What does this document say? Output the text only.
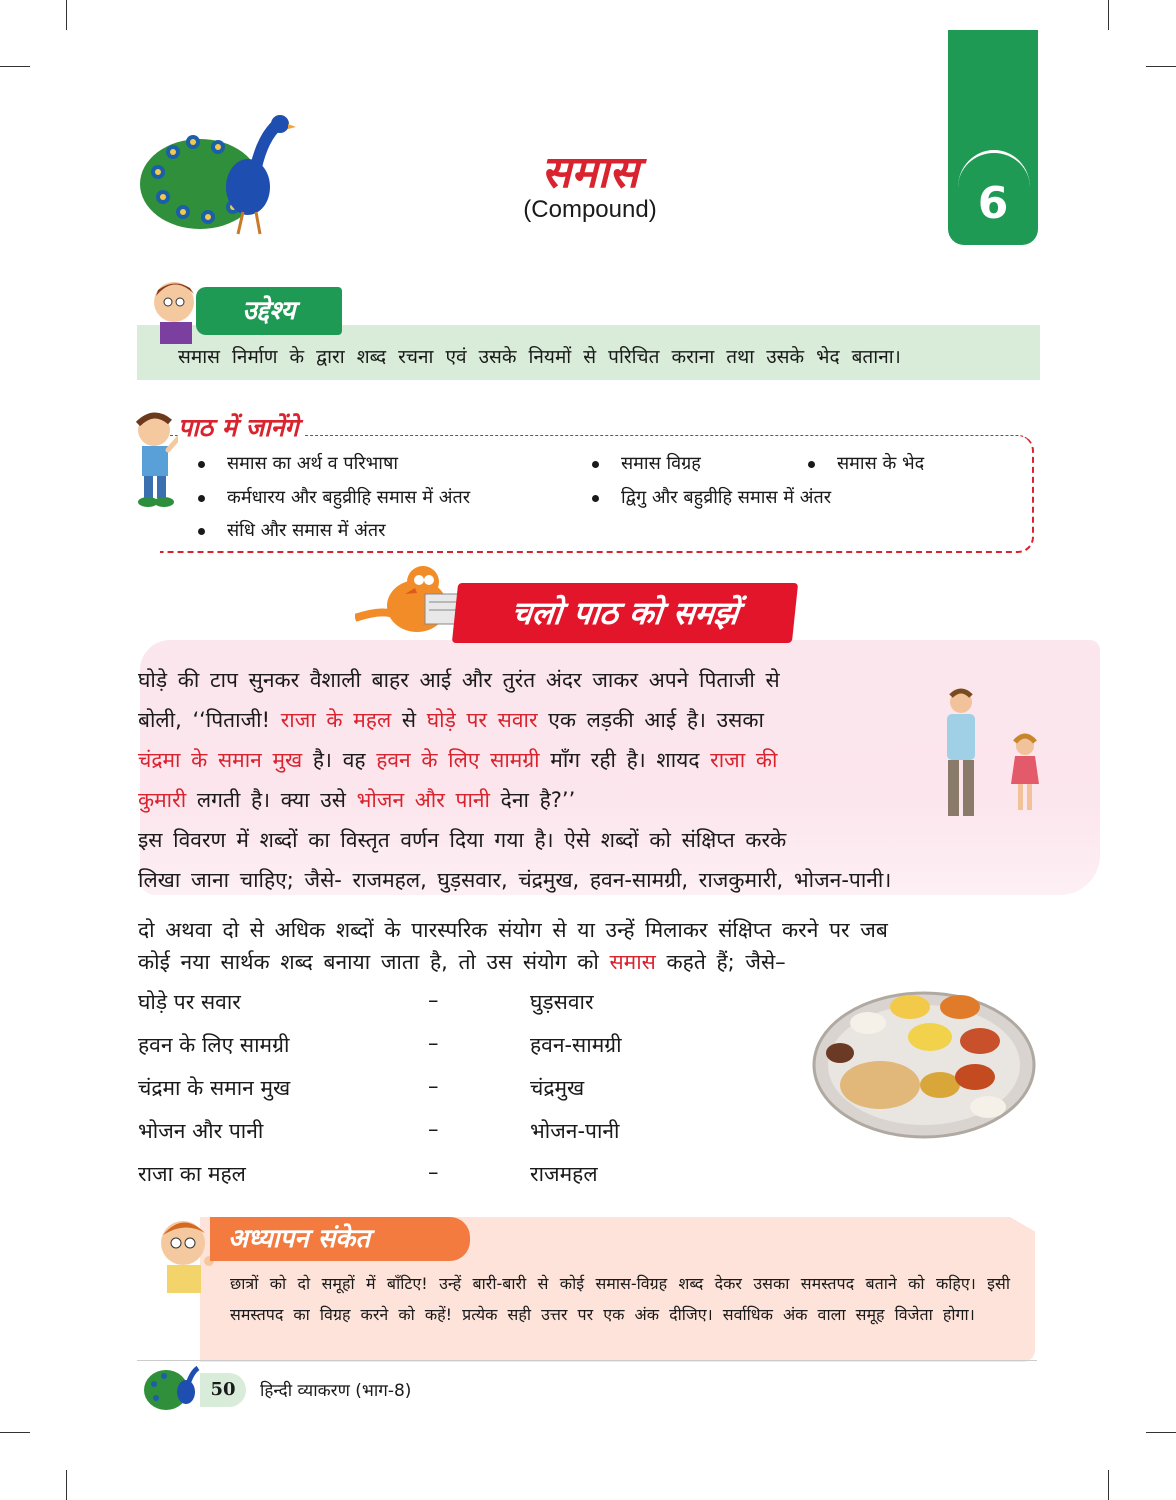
समास
(Compound)	6
उद्देश्य
समास निर्माण के द्वारा शब्द रचना एवं उसके नियमों से परिचित कराना तथा उसके भेद बताना।
पाठ में जानेंगे
समास का अर्थ व परिभाषा	समास विग्रह	समास के भेद
कर्मधारय और बहुव्रीहि समास में अंतर	द्विगु और बहुव्रीहि समास में अंतर
संधि और समास में अंतर
चलो पाठ को समझें
घोड़े की टाप सुनकर वैशाली बाहर आई और तुरंत अंदर जाकर अपने पिताजी से
बोली, ‘‘पिताजी! राजा के महल से घोड़े पर सवार एक लड़की आई है। उसका
चंद्रमा के समान मुख है। वह हवन के लिए सामग्री माँग रही है। शायद राजा की
कुमारी लगती है। क्या उसे भोजन और पानी देना है?’’
इस विवरण में शब्दों का विस्तृत वर्णन दिया गया है। ऐसे शब्दों को संक्षिप्त करके
लिखा जाना चाहिए; जैसे- राजमहल, घुड़सवार, चंद्रमुख, हवन-सामग्री, राजकुमारी, भोजन-पानी।
दो अथवा दो से अधिक शब्दों के पारस्परिक संयोग से या उन्हें मिलाकर संक्षिप्त करने पर जब
कोई नया सार्थक शब्द बनाया जाता है, तो उस संयोग को समास कहते हैं; जैसे–
घोड़े पर सवार	–	घुड़सवार
हवन के लिए सामग्री	–	हवन-सामग्री
चंद्रमा के समान मुख	–	चंद्रमुख
भोजन और पानी	–	भोजन-पानी
राजा का महल	–	राजमहल
अध्यापन संकेत
छात्रों को दो समूहों में बाँटिए! उन्हें बारी-बारी से कोई समास-विग्रह शब्द देकर उसका समस्तपद बताने को कहिए। इसी समस्तपद का विग्रह करने को कहें! प्रत्येक सही उत्तर पर एक अंक दीजिए। सर्वाधिक अंक वाला समूह विजेता होगा।
50	हिन्दी व्याकरण (भाग-8)
